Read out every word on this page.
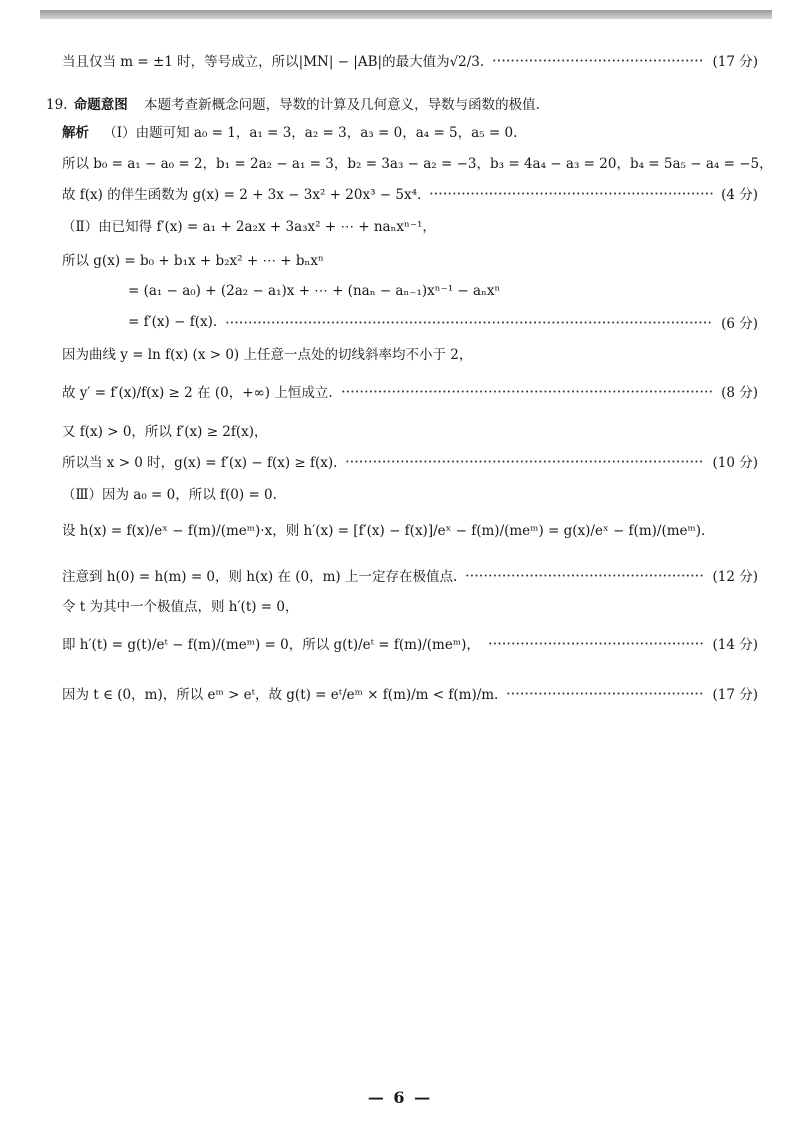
当且仅当 m = ±1 时，等号成立，所以|MN| − |AB|的最大值为√2/3.	(17 分)
19. 命题意图 本题考查新概念问题，导数的计算及几何意义，导数与函数的极值.
解析 （Ⅰ）由题可知 a₀ = 1，a₁ = 3，a₂ = 3，a₃ = 0，a₄ = 5，a₅ = 0.
所以 b₀ = a₁ − a₀ = 2，b₁ = 2a₂ − a₁ = 3，b₂ = 3a₃ − a₂ = −3，b₃ = 4a₄ − a₃ = 20，b₄ = 5a₅ − a₄ = −5，
故 f(x) 的伴生函数为 g(x) = 2 + 3x − 3x² + 20x³ − 5x⁴.	(4 分)
（Ⅱ）由已知得 f′(x) = a₁ + 2a₂x + 3a₃x² + ⋯ + naₙxⁿ⁻¹，
所以 g(x) = b₀ + b₁x + b₂x² + ⋯ + bₙxⁿ
= (a₁ − a₀) + (2a₂ − a₁)x + ⋯ + (naₙ − aₙ₋₁)xⁿ⁻¹ − aₙxⁿ
= f′(x) − f(x).	(6 分)
因为曲线 y = ln f(x) (x > 0) 上任意一点处的切线斜率均不小于 2，
故 y′ = f′(x)/f(x) ≥ 2 在 (0，+∞) 上恒成立.	(8 分)
又 f(x) > 0，所以 f′(x) ≥ 2f(x)，
所以当 x > 0 时，g(x) = f′(x) − f(x) ≥ f(x).	(10 分)
（Ⅲ）因为 a₀ = 0，所以 f(0) = 0.
设 h(x) = f(x)/eˣ − f(m)/(meᵐ)·x，则 h′(x) = [f′(x) − f(x)]/eˣ − f(m)/(meᵐ) = g(x)/eˣ − f(m)/(meᵐ).
注意到 h(0) = h(m) = 0，则 h(x) 在 (0，m) 上一定存在极值点.	(12 分)
令 t 为其中一个极值点，则 h′(t) = 0，
即 h′(t) = g(t)/eᵗ − f(m)/(meᵐ) = 0，所以 g(t)/eᵗ = f(m)/(meᵐ)，	(14 分)
因为 t ∈ (0，m)，所以 eᵐ > eᵗ，故 g(t) = eᵗ/eᵐ × f(m)/m < f(m)/m.	(17 分)
— 6 —
